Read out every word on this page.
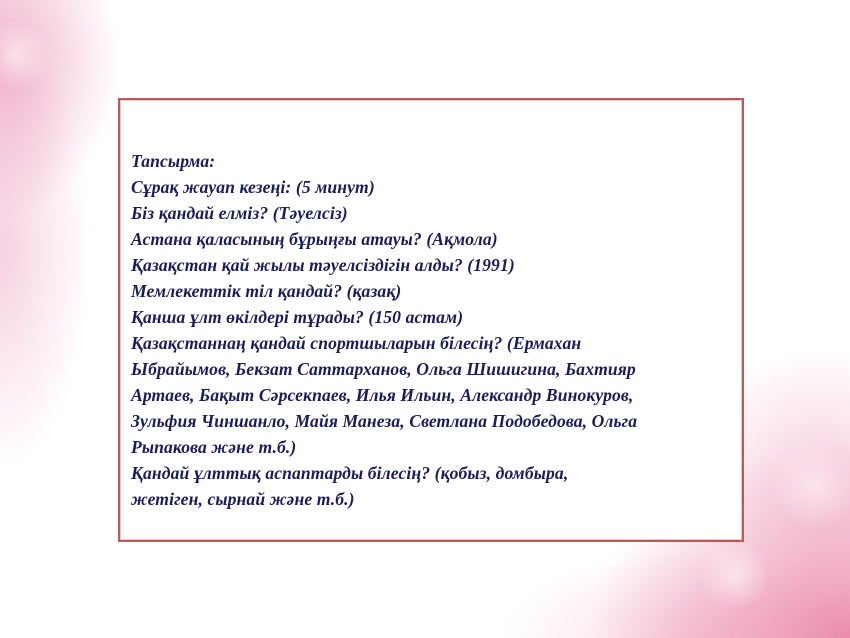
Тапсырма:
Сұрақ жауап кезеңі: (5 минут)
Біз қандай елміз? (Тәуелсіз)
Астана қаласының бұрыңғы атауы? (Ақмола)
Қазақстан қай жылы тәуелсіздігін алды? (1991)
Мемлекеттік тіл қандай? (қазақ)
Қанша ұлт өкілдері тұрады? (150 астам)
Қазақстаннаң қандай спортшыларын білесің? (Ермахан
Ыбрайымов, Бекзат Саттарханов, Ольга Шишигина, Бахтияр
Артаев, Бақыт Сәрсекпаев, Илья Ильин, Александр Винокуров,
Зульфия Чиншанло, Майя Манеза, Светлана Подобедова, Ольга
Рыпакова және т.б.)
Қандай ұлттық аспаптарды білесің? (қобыз, домбыра,
жетіген, сырнай және т.б.)
